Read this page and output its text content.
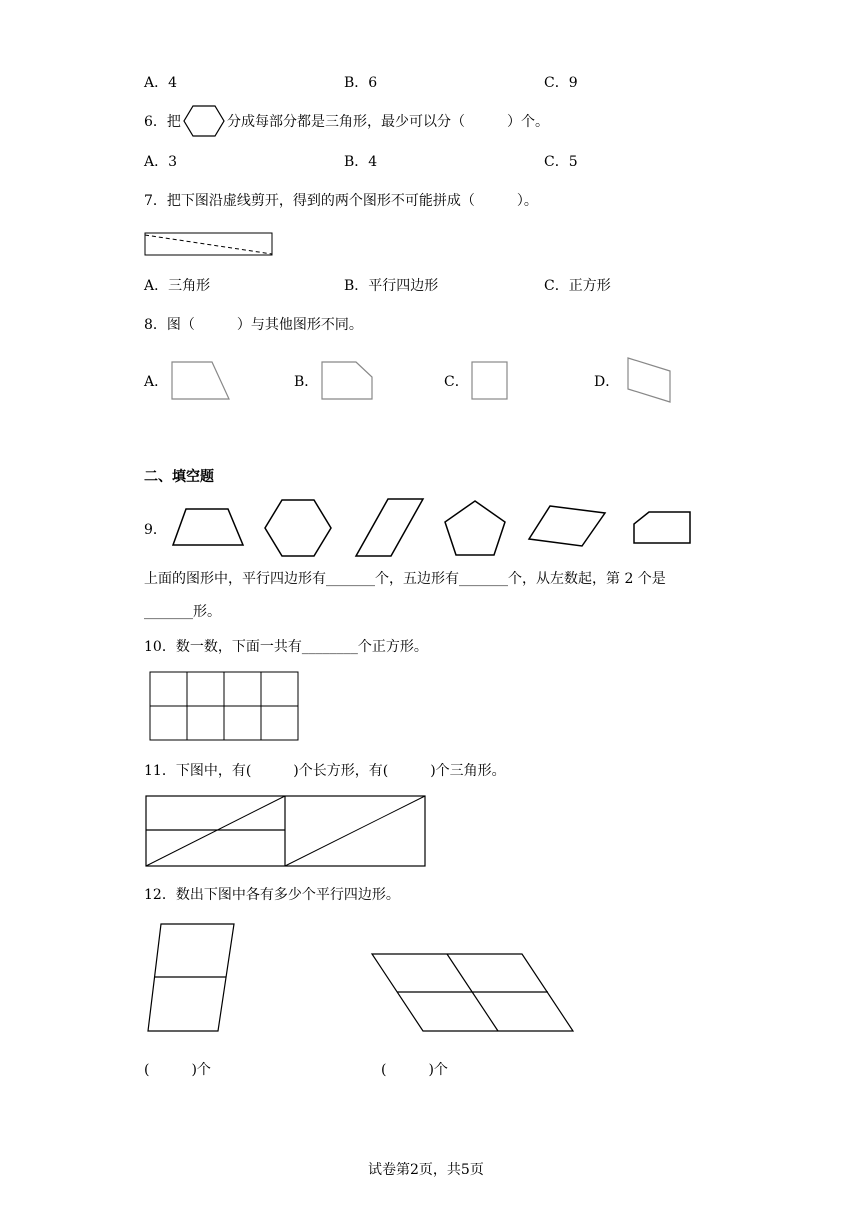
A．4	B．6	C．9
6．把	分成每部分都是三角形，最少可以分（　　　）个。
A．3	B．4	C．5
7．把下图沿虚线剪开，得到的两个图形不可能拼成（　　　）。
A．三角形	B．平行四边形	C．正方形
8．图（　　　）与其他图形不同。
A．	B．	C．	D．
二、填空题
9．
上面的图形中，平行四边形有_______个，五边形有_______个，从左数起，第 2 个是
_______形。
10．数一数，下面一共有________个正方形。
11．下图中，有(　　　)个长方形，有(　　　)个三角形。
12．数出下图中各有多少个平行四边形。
(　　　)个	(　　　)个
试卷第2页，共5页
